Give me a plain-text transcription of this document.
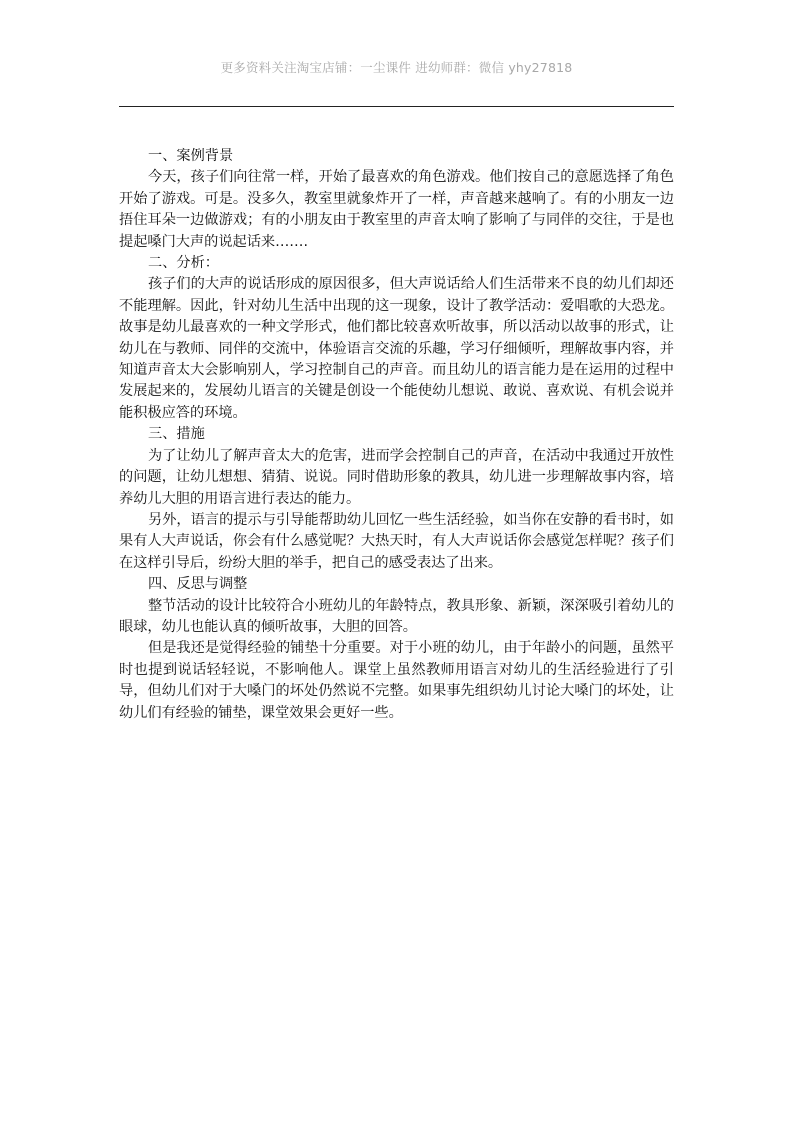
更多资料关注淘宝店铺：一尘课件 进幼师群：微信 yhy27818

一、案例背景

今天，孩子们向往常一样，开始了最喜欢的角色游戏。他们按自己的意愿选择了角色开始了游戏。可是。没多久，教室里就象炸开了一样，声音越来越响了。有的小朋友一边捂住耳朵一边做游戏；有的小朋友由于教室里的声音太响了影响了与同伴的交往，于是也提起嗓门大声的说起话来…….

二、分析：

孩子们的大声的说话形成的原因很多，但大声说话给人们生活带来不良的幼儿们却还不能理解。因此，针对幼儿生活中出现的这一现象，设计了教学活动：爱唱歌的大恐龙。故事是幼儿最喜欢的一种文学形式，他们都比较喜欢听故事，所以活动以故事的形式，让幼儿在与教师、同伴的交流中，体验语言交流的乐趣，学习仔细倾听，理解故事内容，并知道声音太大会影响别人，学习控制自己的声音。而且幼儿的语言能力是在运用的过程中发展起来的，发展幼儿语言的关键是创设一个能使幼儿想说、敢说、喜欢说、有机会说并能积极应答的环境。

三、措施

为了让幼儿了解声音太大的危害，进而学会控制自己的声音，在活动中我通过开放性的问题，让幼儿想想、猜猜、说说。同时借助形象的教具，幼儿进一步理解故事内容，培养幼儿大胆的用语言进行表达的能力。

另外，语言的提示与引导能帮助幼儿回忆一些生活经验，如当你在安静的看书时，如果有人大声说话，你会有什么感觉呢？大热天时，有人大声说话你会感觉怎样呢？孩子们在这样引导后，纷纷大胆的举手，把自己的感受表达了出来。

四、反思与调整

整节活动的设计比较符合小班幼儿的年龄特点，教具形象、新颖，深深吸引着幼儿的眼球，幼儿也能认真的倾听故事，大胆的回答。

但是我还是觉得经验的铺垫十分重要。对于小班的幼儿，由于年龄小的问题，虽然平时也提到说话轻轻说，不影响他人。课堂上虽然教师用语言对幼儿的生活经验进行了引导，但幼儿们对于大嗓门的坏处仍然说不完整。如果事先组织幼儿讨论大嗓门的坏处，让幼儿们有经验的铺垫，课堂效果会更好一些。
